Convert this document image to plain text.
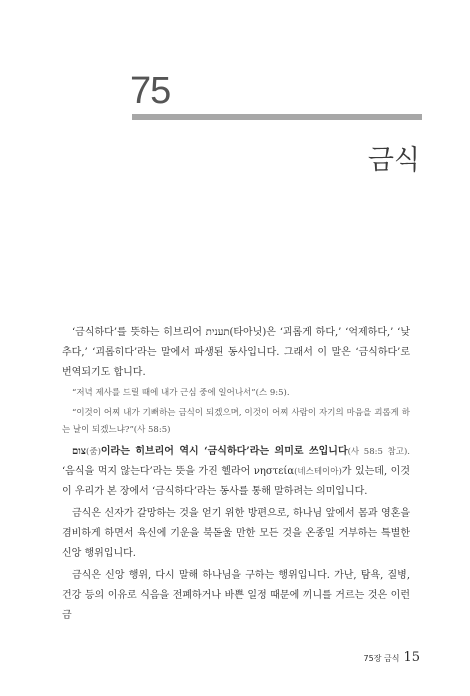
75
금식

‘금식하다’를 뜻하는 히브리어 תענית(타아닛)은 ‘괴롭게 하다,’ ‘억제하다,’ ‘낮추다,’ ‘괴롭히다’라는 말에서 파생된 동사입니다. 그래서 이 말은 ‘금식하다’로 번역되기도 합니다.

“저녁 제사를 드릴 때에 내가 근심 중에 일어나서”(스 9:5).

“이것이 어찌 내가 기뻐하는 금식이 되겠으며, 이것이 어찌 사람이 자기의 마음을 괴롭게 하는 날이 되겠느냐?”(사 58:5)

צום(줌)이라는 히브리어 역시 ‘금식하다’라는 의미로 쓰입니다(사 58:5 참고). ‘음식을 먹지 않는다’라는 뜻을 가진 헬라어 νηστεία(네스테이아)가 있는데, 이것이 우리가 본 장에서 ‘금식하다’라는 동사를 통해 말하려는 의미입니다.

금식은 신자가 갈망하는 것을 얻기 위한 방편으로, 하나님 앞에서 몸과 영혼을 겸비하게 하면서 육신에 기운을 북돋울 만한 모든 것을 온종일 거부하는 특별한 신앙 행위입니다.

금식은 신앙 행위, 다시 말해 하나님을 구하는 행위입니다. 가난, 탐욕, 질병, 건강 등의 이유로 식음을 전폐하거나 바쁜 일정 때문에 끼니를 거르는 것은 이런 금

75장 금식 15
